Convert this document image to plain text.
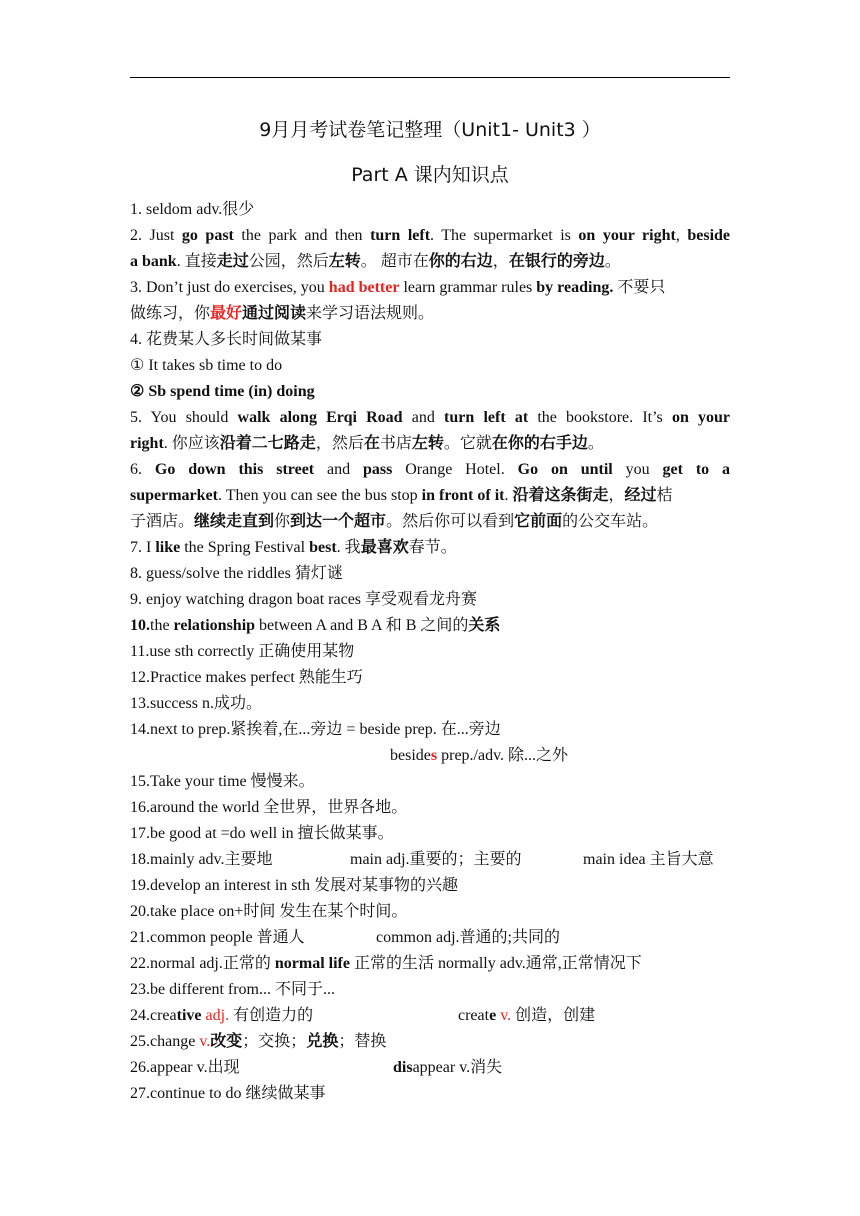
9月月考试卷笔记整理（Unit1- Unit3 ）
Part A 课内知识点
1. seldom adv.很少
2. Just go past the park and then turn left. The supermarket is on your right, beside
a bank. 直接走过公园，然后左转。 超市在你的右边，在银行的旁边。
3. Don’t just do exercises, you had better learn grammar rules by reading. 不要只
做练习，你最好通过阅读来学习语法规则。
4. 花费某人多长时间做某事
① It takes sb time to do
② Sb spend time (in) doing
5. You should walk along Erqi Road and turn left at the bookstore. It’s on your
right. 你应该沿着二七路走，然后在书店左转。它就在你的右手边。
6. Go down this street and pass Orange Hotel. Go on until you get to a
supermarket. Then you can see the bus stop in front of it. 沿着这条街走，经过桔
子酒店。继续走直到你到达一个超市。然后你可以看到它前面的公交车站。
7. I like the Spring Festival best. 我最喜欢春节。
8. guess/solve the riddles 猜灯谜
9. enjoy watching dragon boat races 享受观看龙舟赛
10.the relationship between A and B A 和 B 之间的关系
11.use sth correctly 正确使用某物
12.Practice makes perfect 熟能生巧
13.success n.成功。
14.next to prep.紧挨着,在...旁边 = beside prep. 在...旁边
besides prep./adv. 除...之外
15.Take your time 慢慢来。
16.around the world 全世界，世界各地。
17.be good at =do well in 擅长做某事。
18.mainly adv.主要地	main adj.重要的；主要的	main idea 主旨大意
19.develop an interest in sth 发展对某事物的兴趣
20.take place on+时间 发生在某个时间。
21.common people 普通人	common adj.普通的;共同的
22.normal adj.正常的 normal life 正常的生活 normally adv.通常,正常情况下
23.be different from... 不同于...
24.creative adj. 有创造力的	create v. 创造，创建
25.change v.改变；交换；兑换；替换
26.appear v.出现	disappear v.消失
27.continue to do 继续做某事
